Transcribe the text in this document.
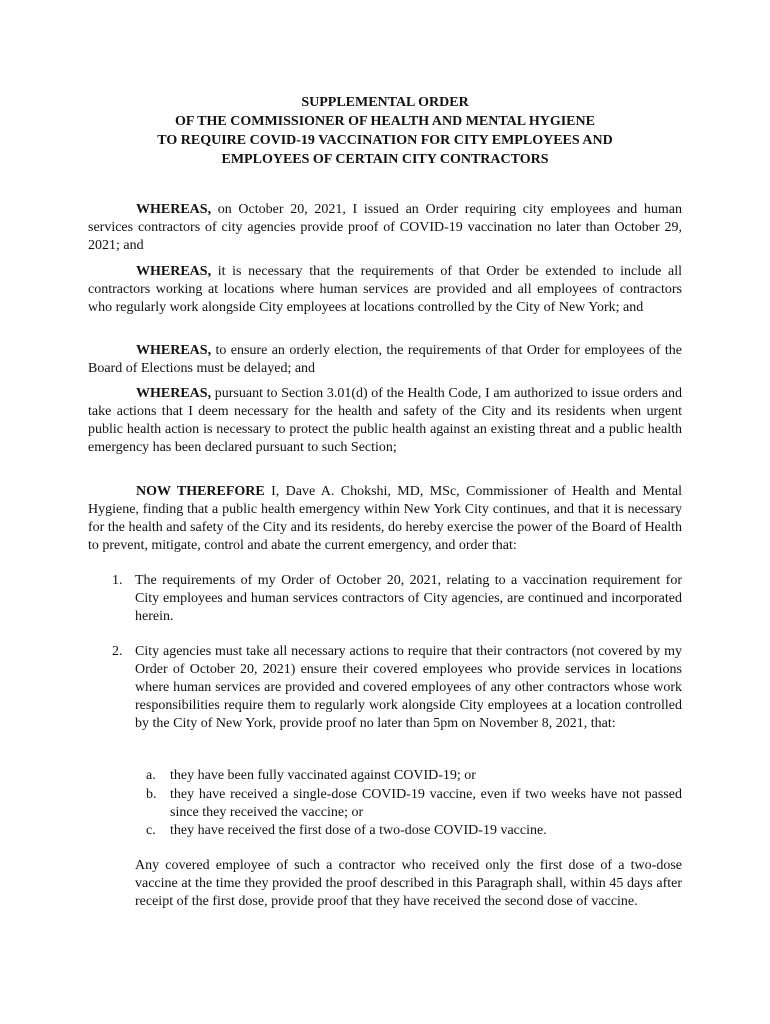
SUPPLEMENTAL ORDER
OF THE COMMISSIONER OF HEALTH AND MENTAL HYGIENE
TO REQUIRE COVID-19 VACCINATION FOR CITY EMPLOYEES AND
EMPLOYEES OF CERTAIN CITY CONTRACTORS
WHEREAS, on October 20, 2021, I issued an Order requiring city employees and human services contractors of city agencies provide proof of COVID-19 vaccination no later than October 29, 2021; and
WHEREAS, it is necessary that the requirements of that Order be extended to include all contractors working at locations where human services are provided and all employees of contractors who regularly work alongside City employees at locations controlled by the City of New York; and
WHEREAS, to ensure an orderly election, the requirements of that Order for employees of the Board of Elections must be delayed; and
WHEREAS, pursuant to Section 3.01(d) of the Health Code, I am authorized to issue orders and take actions that I deem necessary for the health and safety of the City and its residents when urgent public health action is necessary to protect the public health against an existing threat and a public health emergency has been declared pursuant to such Section;
NOW THEREFORE I, Dave A. Chokshi, MD, MSc, Commissioner of Health and Mental Hygiene, finding that a public health emergency within New York City continues, and that it is necessary for the health and safety of the City and its residents, do hereby exercise the power of the Board of Health to prevent, mitigate, control and abate the current emergency, and order that:
1. The requirements of my Order of October 20, 2021, relating to a vaccination requirement for City employees and human services contractors of City agencies, are continued and incorporated herein.
2. City agencies must take all necessary actions to require that their contractors (not covered by my Order of October 20, 2021) ensure their covered employees who provide services in locations where human services are provided and covered employees of any other contractors whose work responsibilities require them to regularly work alongside City employees at a location controlled by the City of New York, provide proof no later than 5pm on November 8, 2021, that:
a. they have been fully vaccinated against COVID-19; or
b. they have received a single-dose COVID-19 vaccine, even if two weeks have not passed since they received the vaccine; or
c. they have received the first dose of a two-dose COVID-19 vaccine.
Any covered employee of such a contractor who received only the first dose of a two-dose vaccine at the time they provided the proof described in this Paragraph shall, within 45 days after receipt of the first dose, provide proof that they have received the second dose of vaccine.
